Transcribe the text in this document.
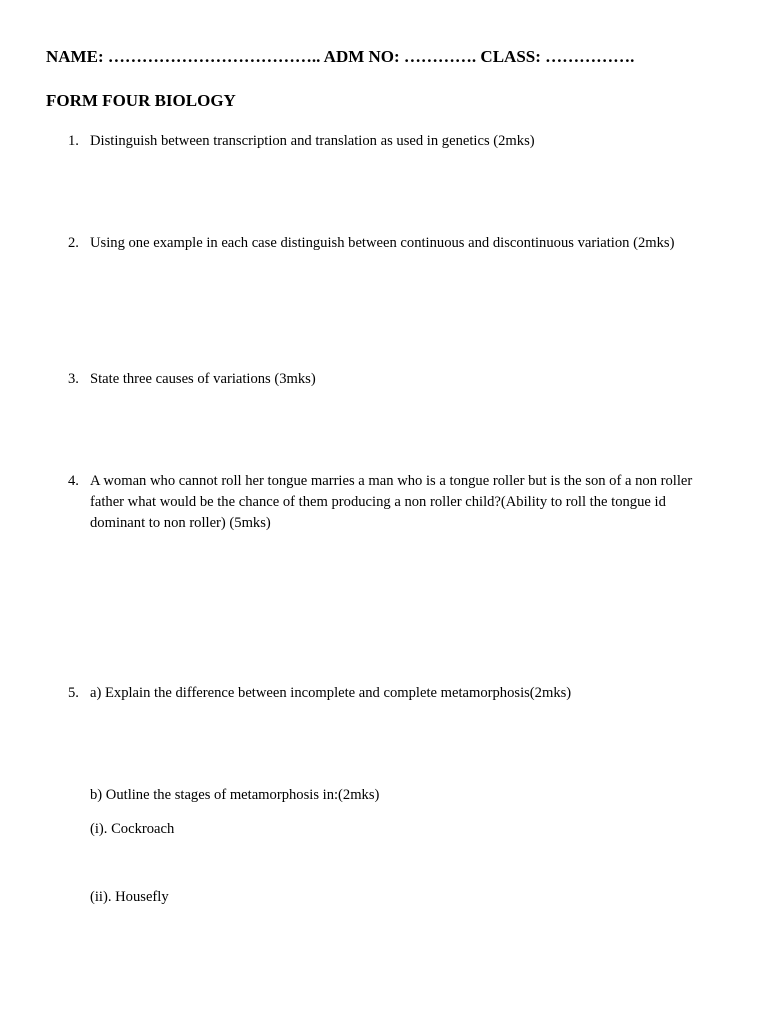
NAME: ……………………………….. ADM NO: …………. CLASS: …………….
FORM FOUR BIOLOGY
1. Distinguish between transcription and translation as used in genetics (2mks)
2. Using one example in each case distinguish between continuous and discontinuous variation (2mks)
3. State three causes of variations (3mks)
4. A woman who cannot roll her tongue marries a man who is a tongue roller but is the son of a non roller
father what would be the chance of them producing a non roller child?(Ability to roll the tongue id
dominant to non roller) (5mks)
5. a) Explain the difference between incomplete and complete metamorphosis(2mks)
b) Outline the stages of metamorphosis in:(2mks)
(i). Cockroach
(ii). Housefly
